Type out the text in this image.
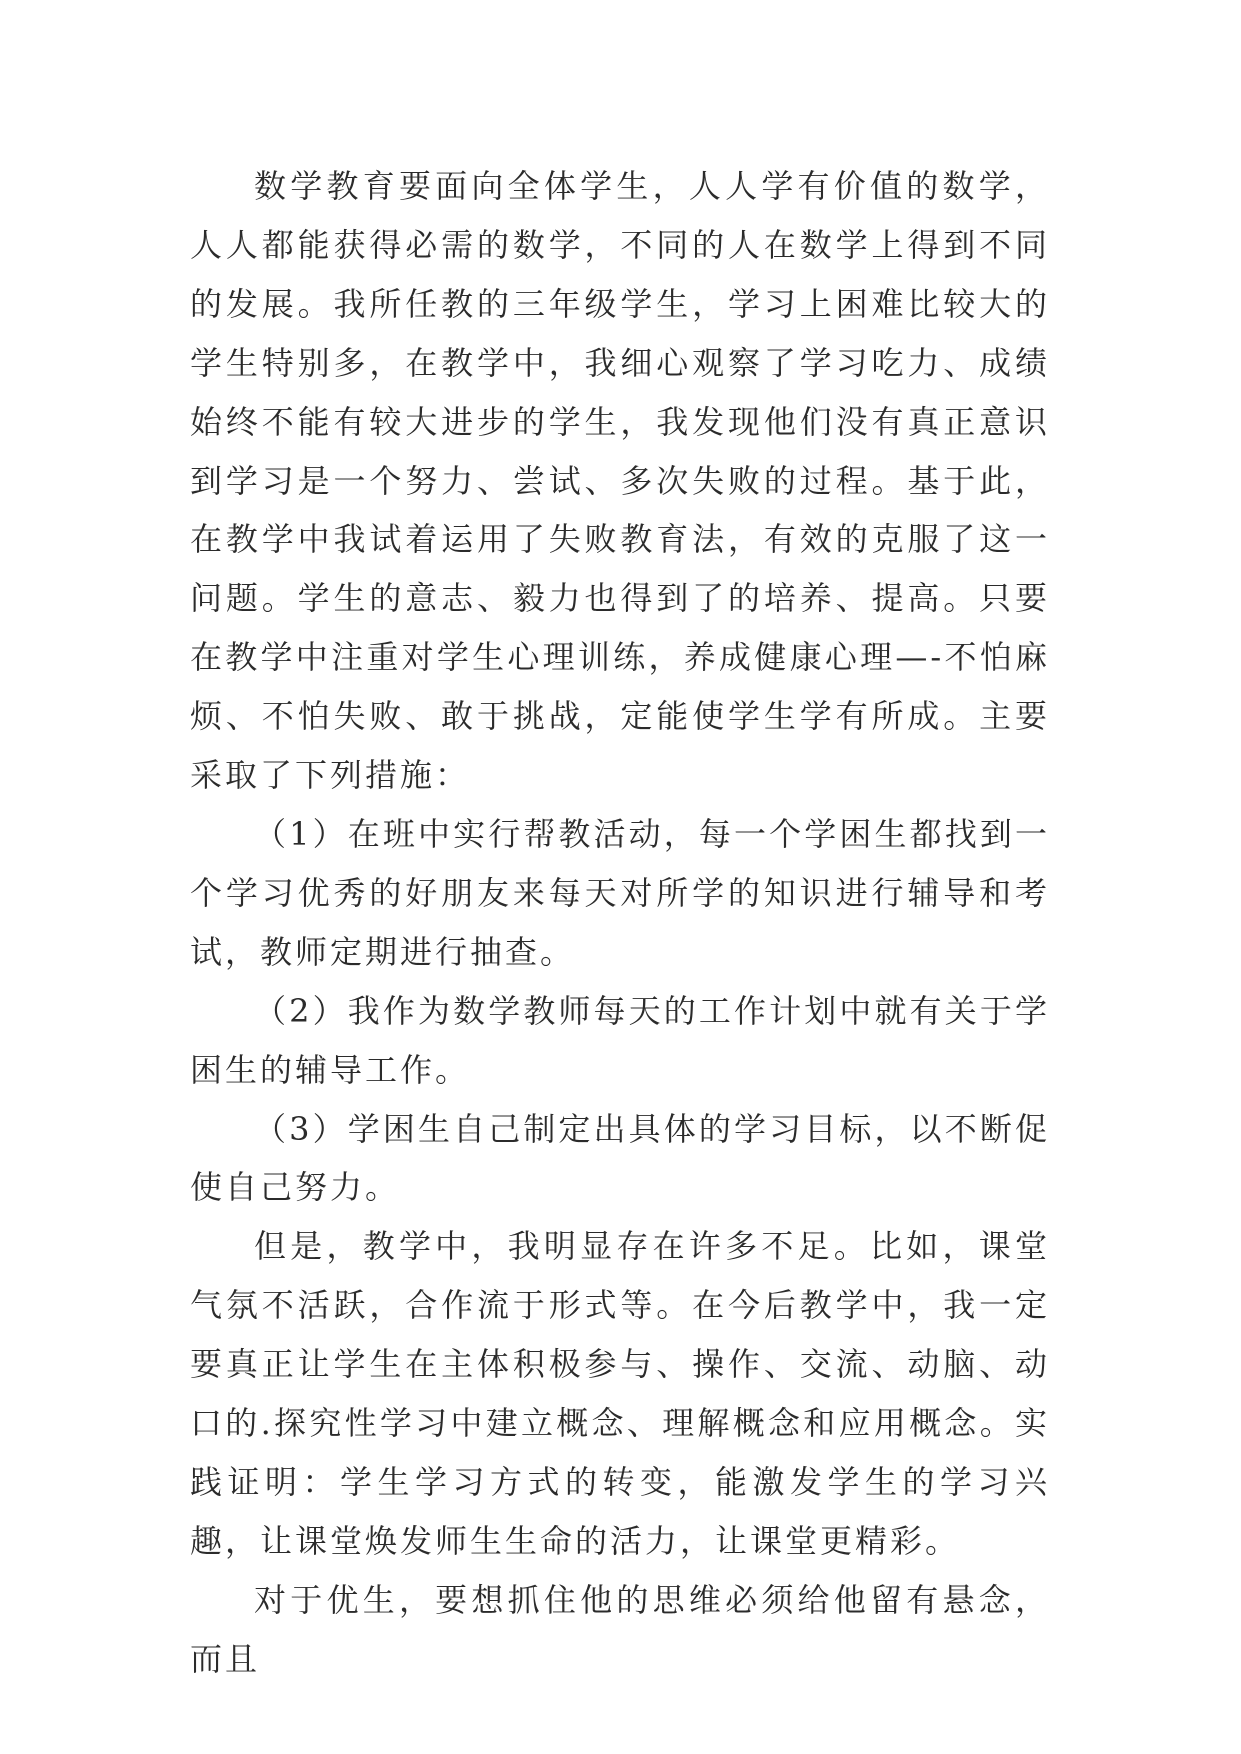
数学教育要面向全体学生，人人学有价值的数学，人人都能获得必需的数学，不同的人在数学上得到不同的发展。我所任教的三年级学生，学习上困难比较大的学生特别多，在教学中，我细心观察了学习吃力、成绩始终不能有较大进步的学生，我发现他们没有真正意识到学习是一个努力、尝试、多次失败的过程。基于此，在教学中我试着运用了失败教育法，有效的克服了这一问题。学生的意志、毅力也得到了的培养、提高。只要在教学中注重对学生心理训练，养成健康心理—-不怕麻烦、不怕失败、敢于挑战，定能使学生学有所成。主要采取了下列措施：

（1）在班中实行帮教活动，每一个学困生都找到一个学习优秀的好朋友来每天对所学的知识进行辅导和考试，教师定期进行抽查。

（2）我作为数学教师每天的工作计划中就有关于学困生的辅导工作。

（3）学困生自己制定出具体的学习目标，以不断促使自己努力。

但是，教学中，我明显存在许多不足。比如，课堂气氛不活跃，合作流于形式等。在今后教学中，我一定要真正让学生在主体积极参与、操作、交流、动脑、动口的.探究性学习中建立概念、理解概念和应用概念。实践证明：学生学习方式的转变，能激发学生的学习兴趣，让课堂焕发师生生命的活力，让课堂更精彩。

对于优生，要想抓住他的思维必须给他留有悬念，而且
